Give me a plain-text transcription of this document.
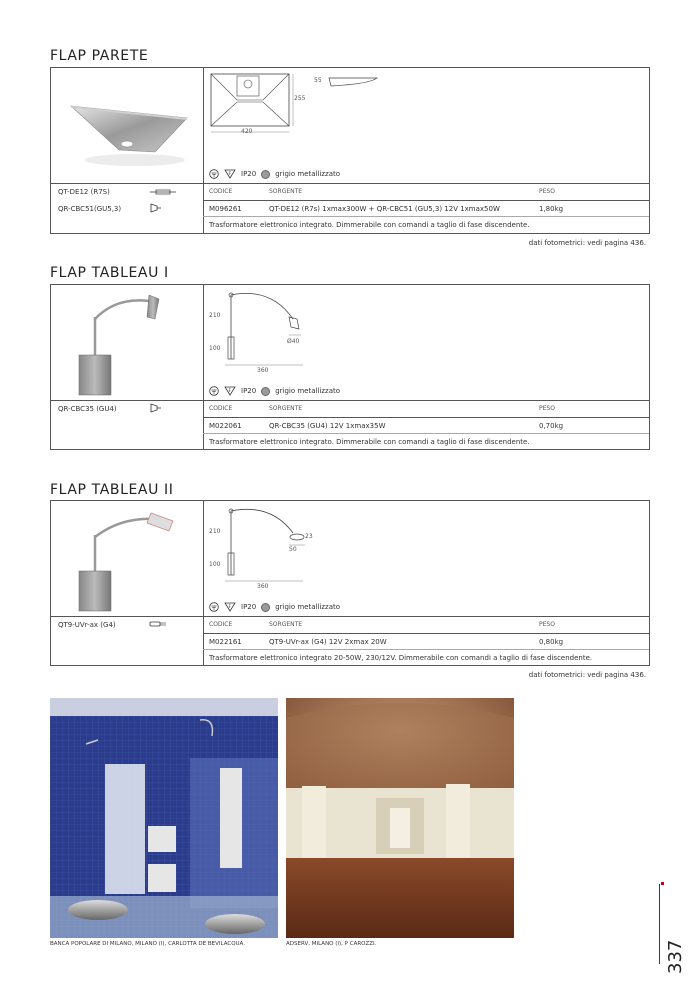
FLAP PARETE
420
255
55
F IP20	grigio metallizzato
QT-DE12 (R7S)
QR-CBC51(GU5,3)
CODICE	SORGENTE	PESO
M096261	QT-DE12 (R7s) 1xmax300W + QR-CBC51 (GU5,3) 12V 1xmax50W	1,80kg
Trasformatore elettronico integrato. Dimmerabile con comandi a taglio di fase discendente.
dati fotometrici: vedi pagina 436.
FLAP TABLEAU I
210
100
360
Ø40
F IP20	grigio metallizzato
QR-CBC35 (GU4)	CODICE	SORGENTE	PESO
M022061	QR-CBC35 (GU4) 12V 1xmax35W	0,70kg
Trasformatore elettronico integrato. Dimmerabile con comandi a taglio di fase discendente.
FLAP TABLEAU II
210
100
360
50
23
F IP20	grigio metallizzato
QT9-UVr-ax (G4)	CODICE	SORGENTE	PESO
M022161	QT9-UVr-ax (G4) 12V 2xmax 20W	0,80kg
Trasformatore elettronico integrato 20-50W, 230/12V. Dimmerabile con comandi a taglio di fase discendente.
dati fotometrici: vedi pagina 436.
BANCA POPOLARE DI MILANO, MILANO (I), CARLOTTA DE BEVILACQUA.	ADSERV, MILANO (I), P CAROZZI.	337
